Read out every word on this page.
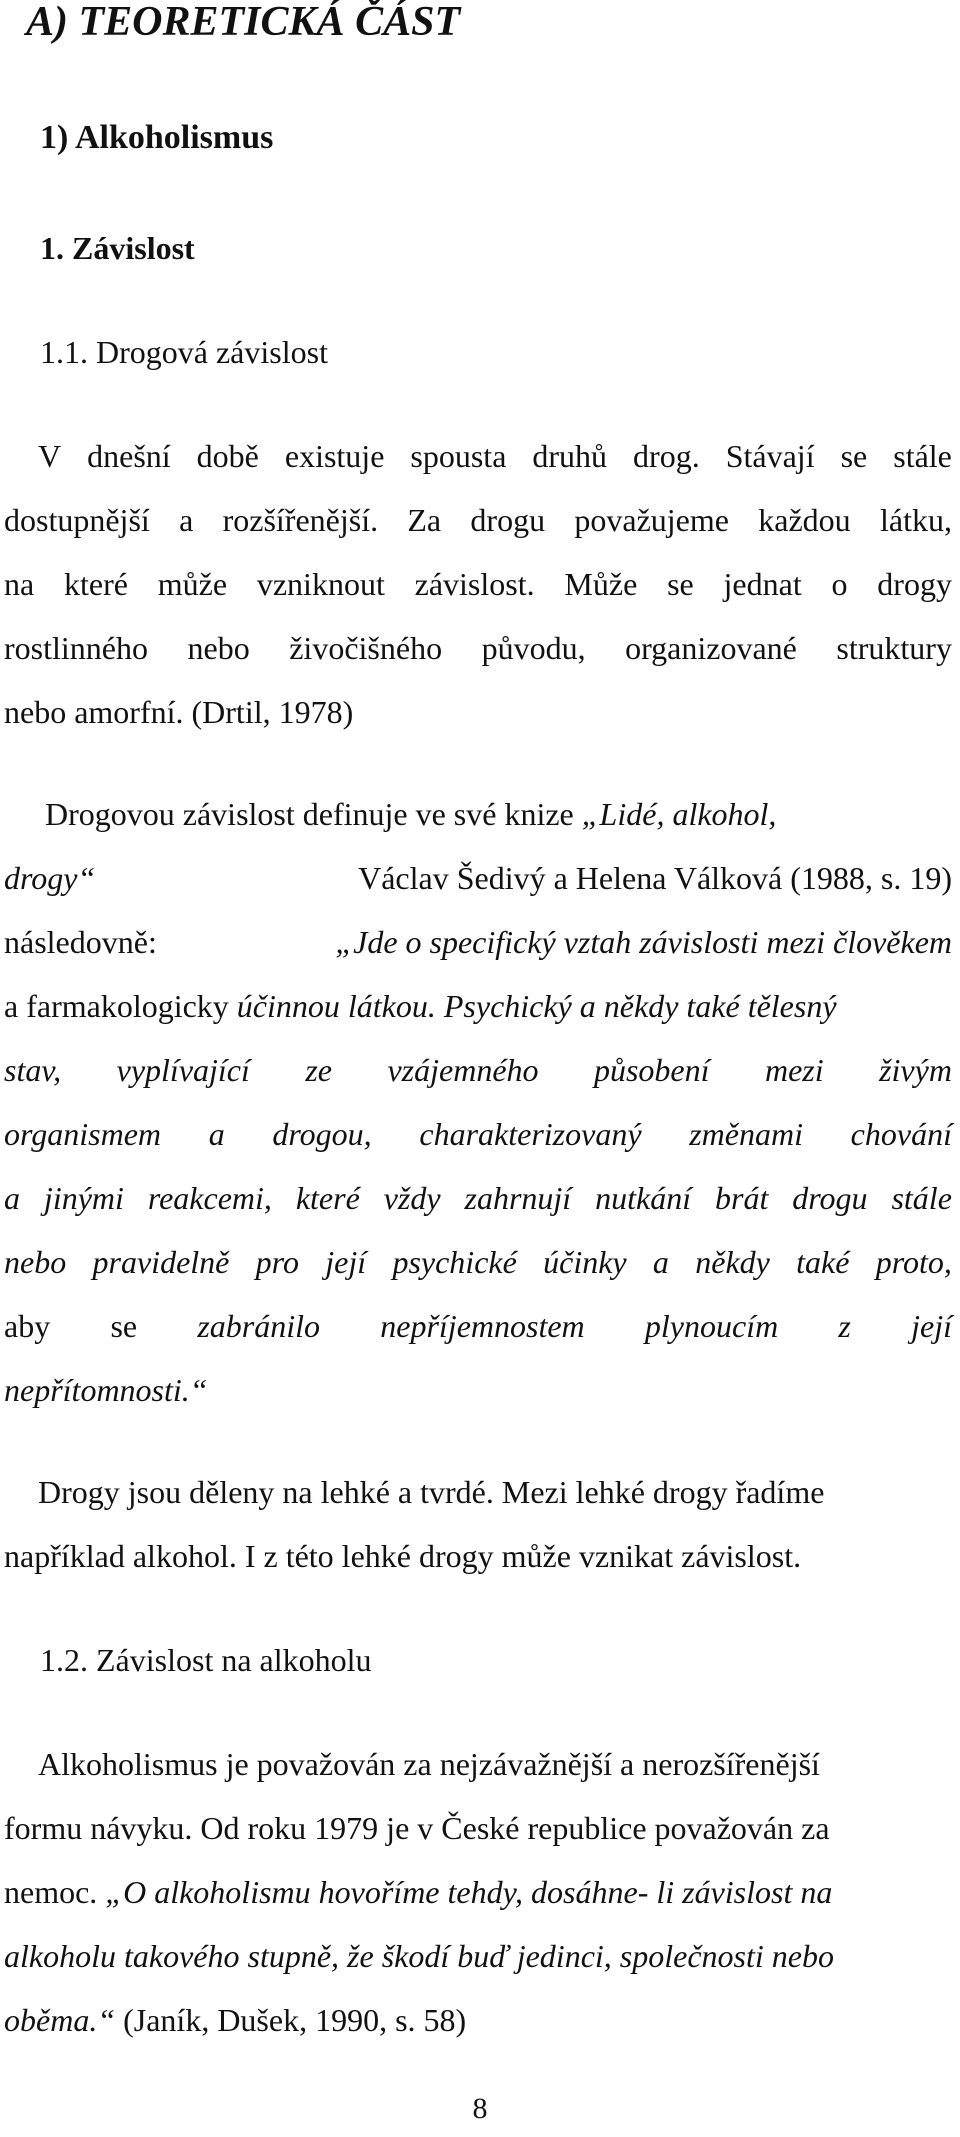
A) TEORETICKÁ ČÁST
1) Alkoholismus
1. Závislost
1.1. Drogová závislost
V dnešní době existuje spousta druhů drog. Stávají se stále
dostupnější a rozšířenější. Za drogu považujeme každou látku,
na které může vzniknout závislost. Může se jednat o drogy
rostlinného nebo živočišného původu, organizované struktury
nebo amorfní. (Drtil, 1978)
Drogovou závislost definuje ve své knize „Lidé, alkohol,
drogy“	Václav Šedivý a Helena Válková (1988, s. 19)
následovně:	„Jde o specifický vztah závislosti mezi člověkem
a farmakologicky účinnou látkou. Psychický a někdy také tělesný
stav, vyplívající ze vzájemného působení mezi živým
organismem a drogou, charakterizovaný změnami chování
a jinými reakcemi, které vždy zahrnují nutkání brát drogu stále
nebo pravidelně pro její psychické účinky a někdy také proto,
aby se zabránilo nepříjemnostem plynoucím z její
nepřítomnosti.“
Drogy jsou děleny na lehké a tvrdé. Mezi lehké drogy řadíme
například alkohol. I z této lehké drogy může vznikat závislost.
1.2. Závislost na alkoholu
Alkoholismus je považován za nejzávažnější a nerozšířenější
formu návyku. Od roku 1979 je v České republice považován za
nemoc. „O alkoholismu hovoříme tehdy, dosáhne- li závislost na
alkoholu takového stupně, že škodí buď jedinci, společnosti nebo
oběma.“ (Janík, Dušek, 1990, s. 58)
8
